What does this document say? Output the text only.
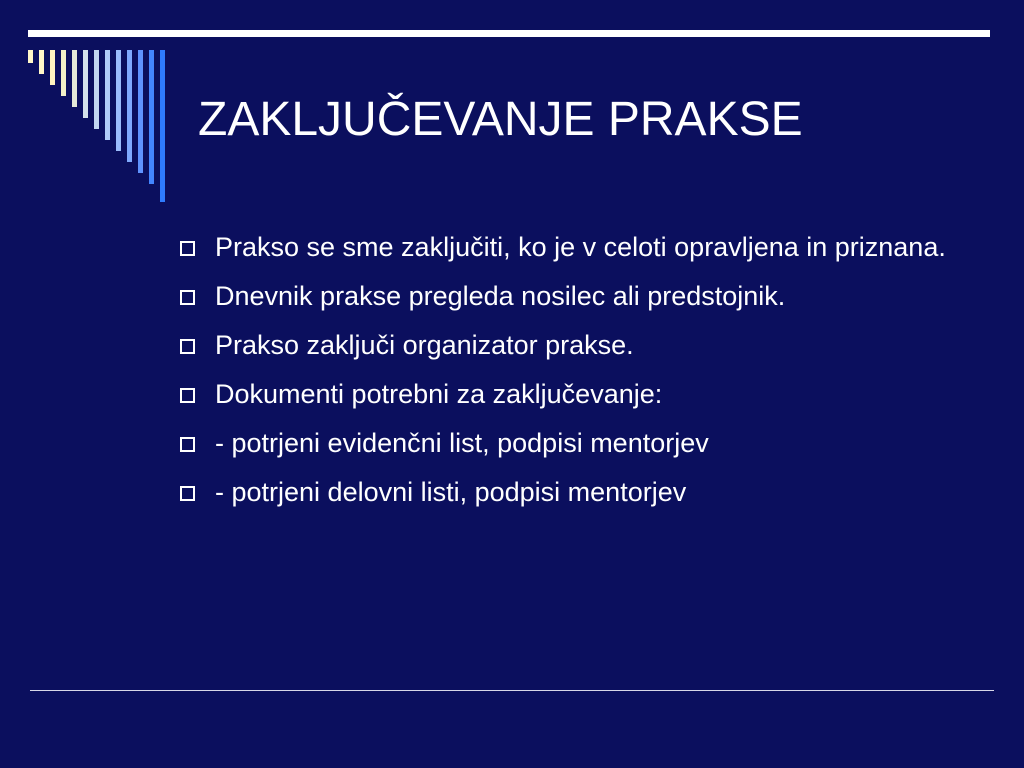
ZAKLJUČEVANJE PRAKSE
Prakso se sme zaključiti, ko je v celoti opravljena in priznana.
Dnevnik prakse pregleda nosilec ali predstojnik.
Prakso zaključi organizator prakse.
Dokumenti potrebni za zaključevanje:
- potrjeni evidenčni list, podpisi mentorjev
- potrjeni delovni listi, podpisi mentorjev
